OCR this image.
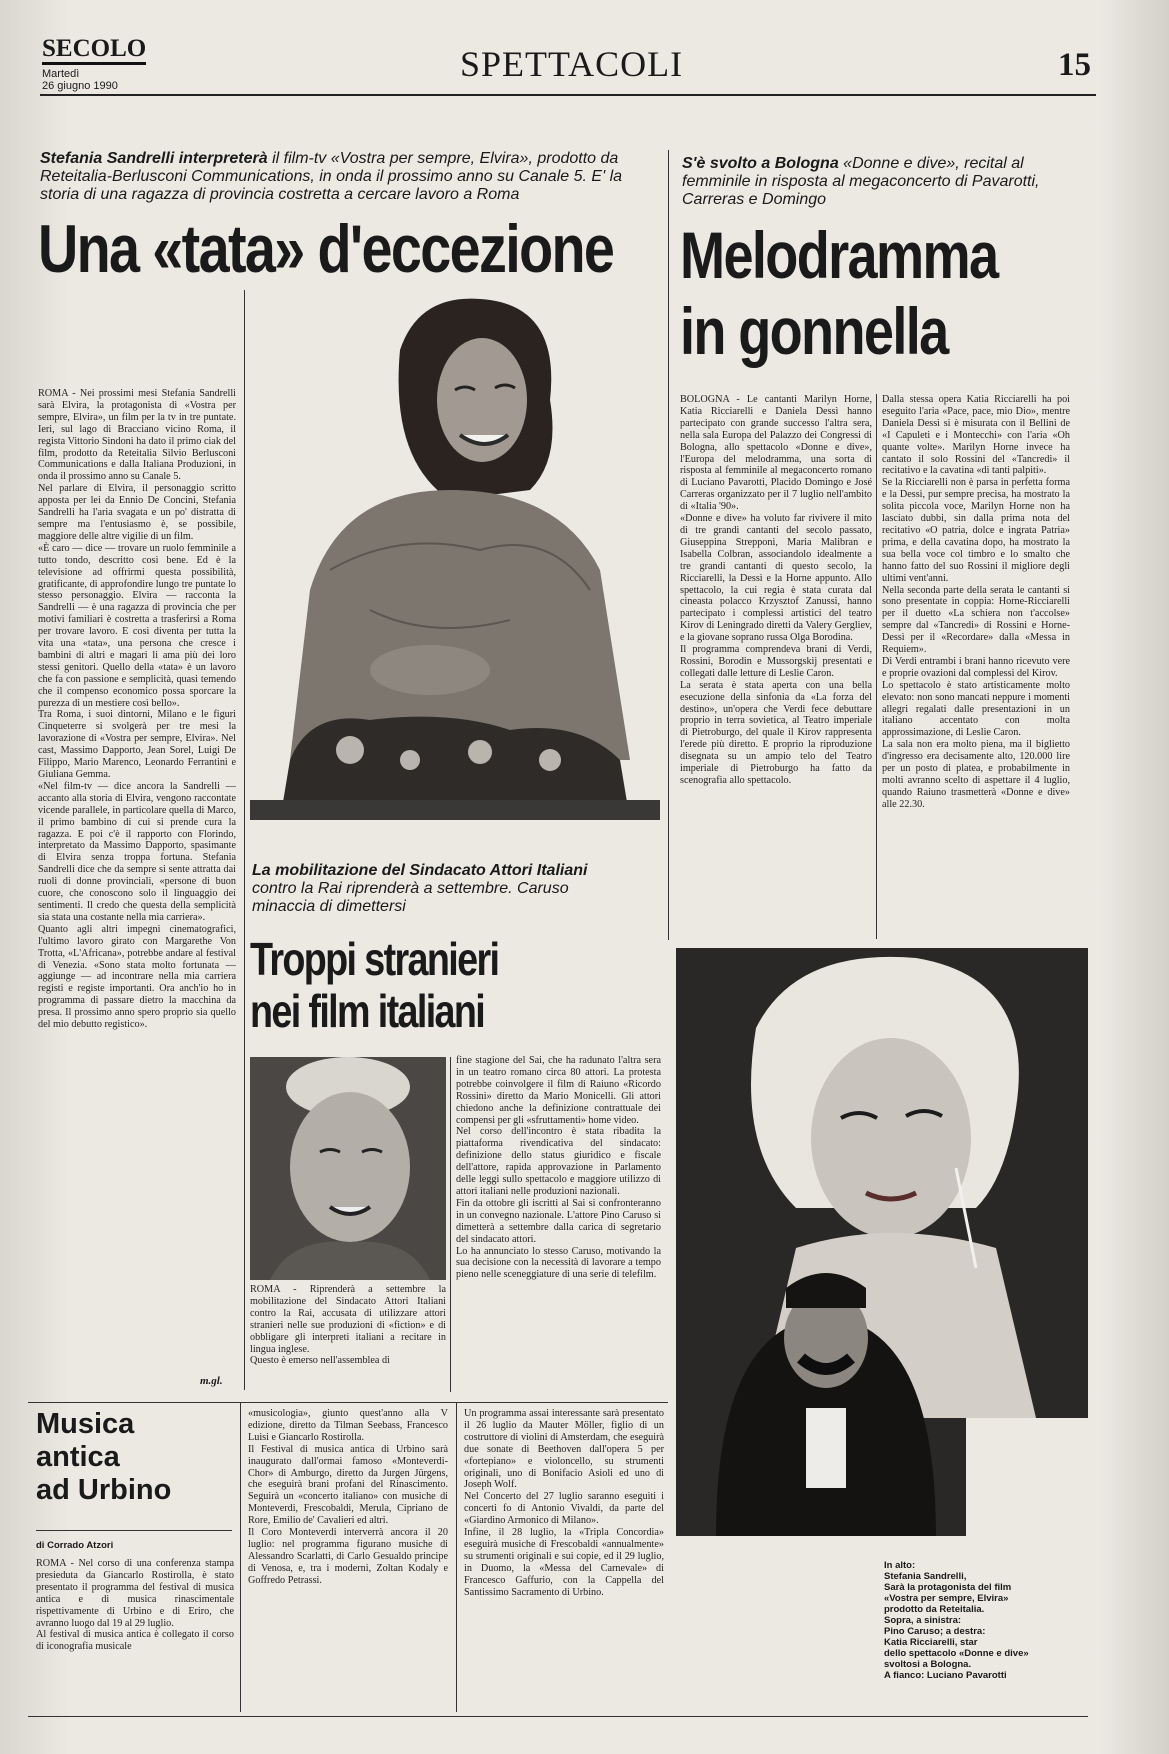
SECOLO
Martedì
26 giugno 1990
SPETTACOLI	15
Stefania Sandrelli interpreterà il film-tv «Vostra per sempre, Elvira», prodotto da Reteitalia-Berlusconi Communications, in onda il prossimo anno su Canale 5. E' la storia di una ragazza di provincia costretta a cercare lavoro a Roma
Una «tata» d'eccezione
ROMA - Nei prossimi mesi Stefania Sandrelli sarà Elvira, la protagonista di «Vostra per sempre, Elvira», un film per la tv in tre puntate. Ieri, sul lago di Bracciano vicino Roma, il regista Vittorio Sindoni ha dato il primo ciak del film, prodotto da Reteitalia Silvio Berlusconi Communications e dalla Italiana Produzioni, in onda il prossimo anno su Canale 5.
Nel parlare di Elvira, il personaggio scritto apposta per lei da Ennio De Concini, Stefania Sandrelli ha l'aria svagata e un po' distratta di sempre ma l'entusiasmo è, se possibile, maggiore delle altre vigilie di un film.
«È caro — dice — trovare un ruolo femminile a tutto tondo, descritto così bene. Ed è la televisione ad offrirmi questa possibilità, gratificante, di approfondire lungo tre puntate lo stesso personaggio. Elvira — racconta la Sandrelli — è una ragazza di provincia che per motivi familiari è costretta a trasferirsi a Roma per trovare lavoro. E così diventa per tutta la vita una «tata», una persona che cresce i bambini di altri e magari li ama più dei loro stessi genitori. Quello della «tata» è un lavoro che fa con passione e semplicità, quasi temendo che il compenso economico possa sporcare la purezza di un mestiere così bello».
Tra Roma, i suoi dintorni, Milano e le figuri Cinqueterre si svolgerà per tre mesi la lavorazione di «Vostra per sempre, Elvira». Nel cast, Massimo Dapporto, Jean Sorel, Luigi De Filippo, Mario Marenco, Leonardo Ferrantini e Giuliana Gemma.
«Nel film-tv — dice ancora la Sandrelli — accanto alla storia di Elvira, vengono raccontate vicende parallele, in particolare quella di Marco, il primo bambino di cui si prende cura la ragazza. E poi c'è il rapporto con Florindo, interpretato da Massimo Dapporto, spasimante di Elvira senza troppa fortuna. Stefania Sandrelli dice che da sempre si sente attratta dai ruoli di donne provinciali, «persone di buon cuore, che conoscono solo il linguaggio dei sentimenti. Il credo che questa della semplicità sia stata una costante nella mia carriera».
Quanto agli altri impegni cinematografici, l'ultimo lavoro girato con Margarethe Von Trotta, «L'Africana», potrebbe andare al festival di Venezia. «Sono stata molto fortunata — aggiunge — ad incontrare nella mia carriera registi e registe importanti. Ora anch'io ho in programma di passare dietro la macchina da presa. Il prossimo anno spero proprio sia quello del mio debutto registico».
m.gl.
La mobilitazione del Sindacato Attori Italiani
contro la Rai riprenderà a settembre. Caruso minaccia di dimettersi
Troppi stranieri
nei film italiani
ROMA - Riprenderà a settembre la mobilitazione del Sindacato Attori Italiani contro la Rai, accusata di utilizzare attori stranieri nelle sue produzioni di «fiction» e di obbligare gli interpreti italiani a recitare in lingua inglese.
Questo è emerso nell'assemblea di
fine stagione del Sai, che ha radunato l'altra sera in un teatro romano circa 80 attori. La protesta potrebbe coinvolgere il film di Raiuno «Ricordo Rossini» diretto da Mario Monicelli. Gli attori chiedono anche la definizione contrattuale dei compensi per gli «sfruttamenti» home video.
Nel corso dell'incontro è stata ribadita la piattaforma rivendicativa del sindacato: definizione dello status giuridico e fiscale dell'attore, rapida approvazione in Parlamento delle leggi sullo spettacolo e maggiore utilizzo di attori italiani nelle produzioni nazionali.
Fin da ottobre gli iscritti al Sai si confronteranno in un convegno nazionale. L'attore Pino Caruso si dimetterà a settembre dalla carica di segretario del sindacato attori.
Lo ha annunciato lo stesso Caruso, motivando la sua decisione con la necessità di lavorare a tempo pieno nelle sceneggiature di una serie di telefilm.
S'è svolto a Bologna «Donne e dive», recital al femminile in risposta al megaconcerto di Pavarotti, Carreras e Domingo
Melodramma
in gonnella
BOLOGNA - Le cantanti Marilyn Horne, Katia Ricciarelli e Daniela Dessì hanno partecipato con grande successo l'altra sera, nella sala Europa del Palazzo dei Congressi di Bologna, allo spettacolo «Donne e dive», l'Europa del melodramma, una sorta di risposta al femminile al megaconcerto romano di Luciano Pavarotti, Placido Domingo e José Carreras organizzato per il 7 luglio nell'ambito di «Italia '90».
«Donne e dive» ha voluto far rivivere il mito di tre grandi cantanti del secolo passato, Giuseppina Strepponi, Maria Malibran e Isabella Colbran, associandolo idealmente a tre grandi cantanti di questo secolo, la Ricciarelli, la Dessì e la Horne appunto. Allo spettacolo, la cui regia è stata curata dal cineasta polacco Krzysztof Zanussi, hanno partecipato i complessi artistici del teatro Kirov di Leningrado diretti da Valery Gergliev, e la giovane soprano russa Olga Borodina.
Il programma comprendeva brani di Verdi, Rossini, Borodin e Mussorgskij presentati e collegati dalle letture di Leslie Caron.
La serata è stata aperta con una bella esecuzione della sinfonia da «La forza del destino», un'opera che Verdi fece debuttare proprio in terra sovietica, al Teatro imperiale di Pietroburgo, del quale il Kirov rappresenta l'erede più diretto. E proprio la riproduzione disegnata su un ampio telo del Teatro imperiale di Pietroburgo ha fatto da scenografia allo spettacolo.
Dalla stessa opera Katia Ricciarelli ha poi eseguito l'aria «Pace, pace, mio Dio», mentre Daniela Dessì si è misurata con il Bellini de «I Capuleti e i Montecchi» con l'aria «Oh quante volte». Marilyn Horne invece ha cantato il solo Rossini del «Tancredi» il recitativo e la cavatina «di tanti palpiti».
Se la Ricciarelli non è parsa in perfetta forma e la Dessì, pur sempre precisa, ha mostrato la solita piccola voce, Marilyn Horne non ha lasciato dubbi, sin dalla prima nota del recitativo «O patria, dolce e ingrata Patria» prima, e della cavatina dopo, ha mostrato la sua bella voce col timbro e lo smalto che hanno fatto del suo Rossini il migliore degli ultimi vent'anni.
Nella seconda parte della serata le cantanti si sono presentate in coppia: Horne-Ricciarelli per il duetto «La schiera non t'accolse» sempre dal «Tancredi» di Rossini e Horne-Dessì per il «Recordare» dalla «Messa in Requiem».
Di Verdi entrambi i brani hanno ricevuto vere e proprie ovazioni dal complessi del Kirov.
Lo spettacolo è stato artisticamente molto elevato: non sono mancati neppure i momenti allegri regalati dalle presentazioni in un italiano accentato con molta approssimazione, di Leslie Caron.
La sala non era molto piena, ma il biglietto d'ingresso era decisamente alto, 120.000 lire per un posto di platea, e probabilmente in molti avranno scelto di aspettare il 4 luglio, quando Raiuno trasmetterà «Donne e dive» alle 22.30.
In alto:
Stefania Sandrelli,
Sarà la protagonista del film
«Vostra per sempre, Elvira»
prodotto da Reteitalia.
Sopra, a sinistra:
Pino Caruso; a destra:
Katia Ricciarelli, star
dello spettacolo «Donne e dive»
svoltosi a Bologna.
A fianco: Luciano Pavarotti
Musica
antica
ad Urbino
di Corrado Atzori
ROMA - Nel corso di una conferenza stampa presieduta da Giancarlo Rostirolla, è stato presentato il programma del festival di musica antica e di musica rinascimentale rispettivamente di Urbino e di Eriro, che avranno luogo dal 19 al 29 luglio.
Al festival di musica antica è collegato il corso di iconografia musicale
«musicologia», giunto quest'anno alla V edizione, diretto da Tilman Seebass, Francesco Luisi e Giancarlo Rostirolla.
Il Festival di musica antica di Urbino sarà inaugurato dall'ormai famoso «Monteverdi-Chor» di Amburgo, diretto da Jurgen Jürgens, che eseguirà brani profani del Rinascimento. Seguirà un «concerto italiano» con musiche di Monteverdi, Frescobaldi, Merula, Cipriano de Rore, Emilio de' Cavalieri ed altri.
Il Coro Monteverdi interverrà ancora il 20 luglio: nel programma figurano musiche di Alessandro Scarlatti, di Carlo Gesualdo principe di Venosa, e, tra i moderni, Zoltan Kodaly e Goffredo Petrassi.
Un programma assai interessante sarà presentato il 26 luglio da Mauter Möller, figlio di un costruttore di violini di Amsterdam, che eseguirà due sonate di Beethoven dall'opera 5 per «fortepiano» e violoncello, su strumenti originali, uno di Bonifacio Asioli ed uno di Joseph Wolf.
Nel Concerto del 27 luglio saranno eseguiti i concerti fo di Antonio Vivaldi, da parte del «Giardino Armonico di Milano».
Infine, il 28 luglio, la «Tripla Concordia» eseguirà musiche di Frescobaldi «annualmente» su strumenti originali e sui copie, ed il 29 luglio, in Duomo, la «Messa del Carnevale» di Francesco Gaffurio, con la Cappella del Santissimo Sacramento di Urbino.
